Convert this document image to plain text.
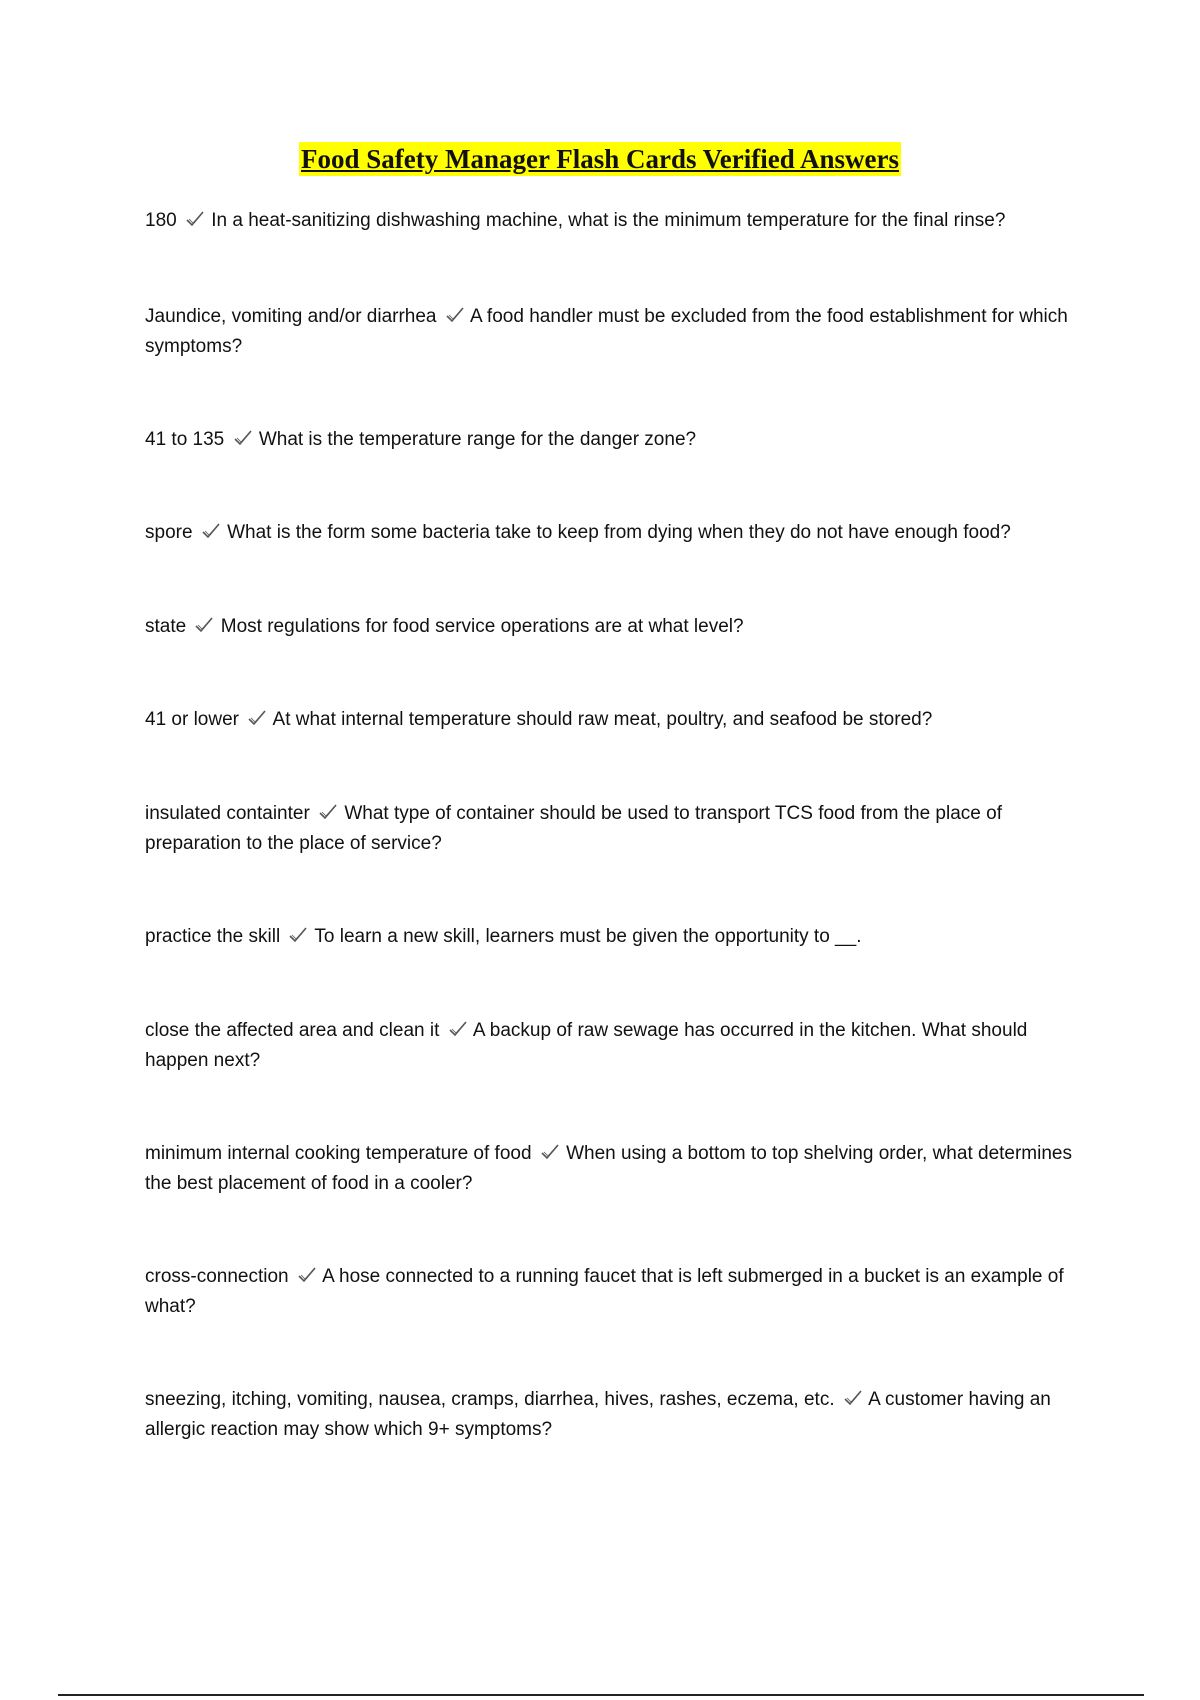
Food Safety Manager Flash Cards Verified Answers
180 In a heat-sanitizing dishwashing machine, what is the minimum temperature for the final rinse?
Jaundice, vomiting and/or diarrhea A food handler must be excluded from the food establishment for which symptoms?
41 to 135 What is the temperature range for the danger zone?
spore What is the form some bacteria take to keep from dying when they do not have enough food?
state Most regulations for food service operations are at what level?
41 or lower At what internal temperature should raw meat, poultry, and seafood be stored?
insulated containter What type of container should be used to transport TCS food from the place of preparation to the place of service?
practice the skill To learn a new skill, learners must be given the opportunity to __.
close the affected area and clean it A backup of raw sewage has occurred in the kitchen. What should happen next?
minimum internal cooking temperature of food When using a bottom to top shelving order, what determines the best placement of food in a cooler?
cross-connection A hose connected to a running faucet that is left submerged in a bucket is an example of what?
sneezing, itching, vomiting, nausea, cramps, diarrhea, hives, rashes, eczema, etc. A customer having an allergic reaction may show which 9+ symptoms?
